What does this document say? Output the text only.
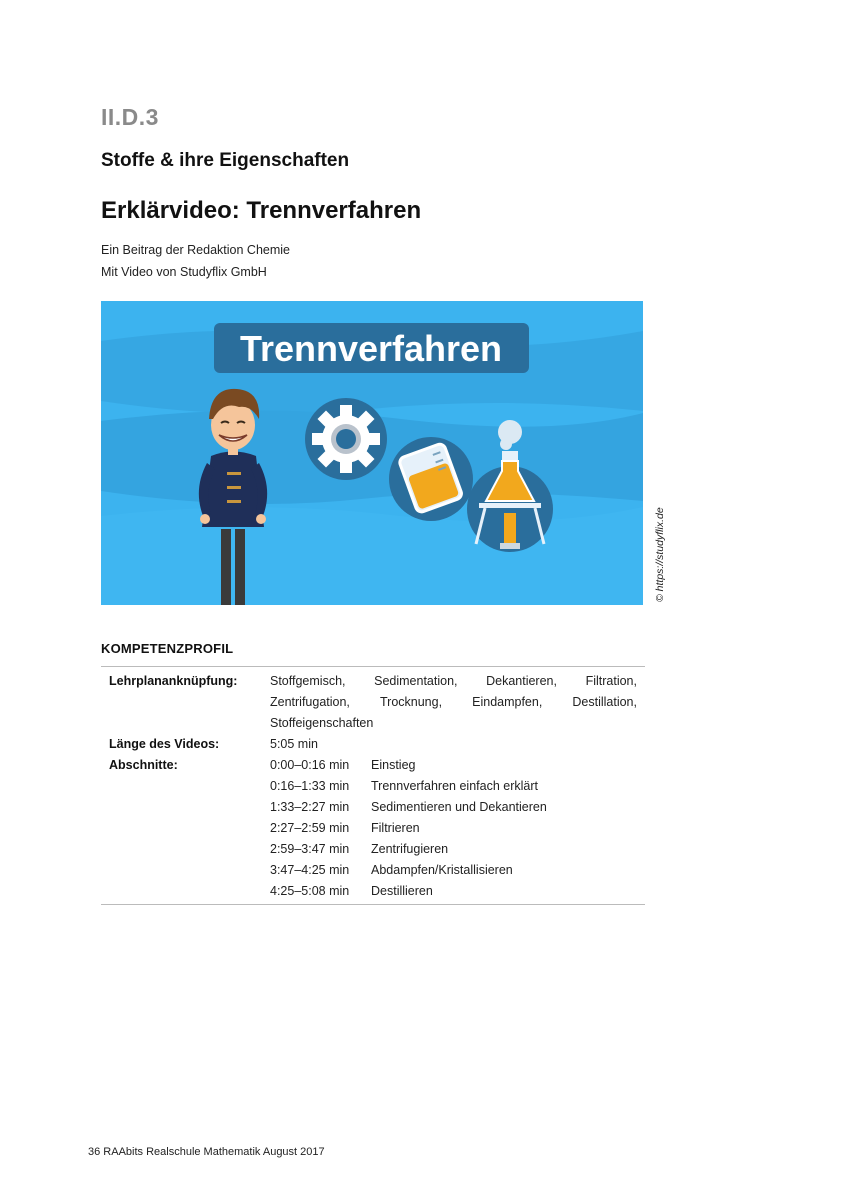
II.D.3
Stoffe & ihre Eigenschaften
Erklärvideo: Trennverfahren

Ein Beitrag der Redaktion Chemie

Mit Video von Studyflix GmbH

Trennverfahren
© https://studyflix.de
KOMPETENZPROFIL
Lehrplananknüpfung:	Stoffgemisch, Sedimentation, Dekantieren, Filtration,
Zentrifugation, Trocknung, Eindampfen, Destillation,
Stoffeigenschaften
Länge des Videos:	5:05 min
Abschnitte:	0:00–0:16 min	Einstieg
0:16–1:33 min	Trennverfahren einfach erklärt
1:33–2:27 min	Sedimentieren und Dekantieren
2:27–2:59 min	Filtrieren
2:59–3:47 min	Zentrifugieren
3:47–4:25 min	Abdampfen/Kristallisieren
4:25–5:08 min	Destillieren

36 RAAbits Realschule Mathematik August 2017
